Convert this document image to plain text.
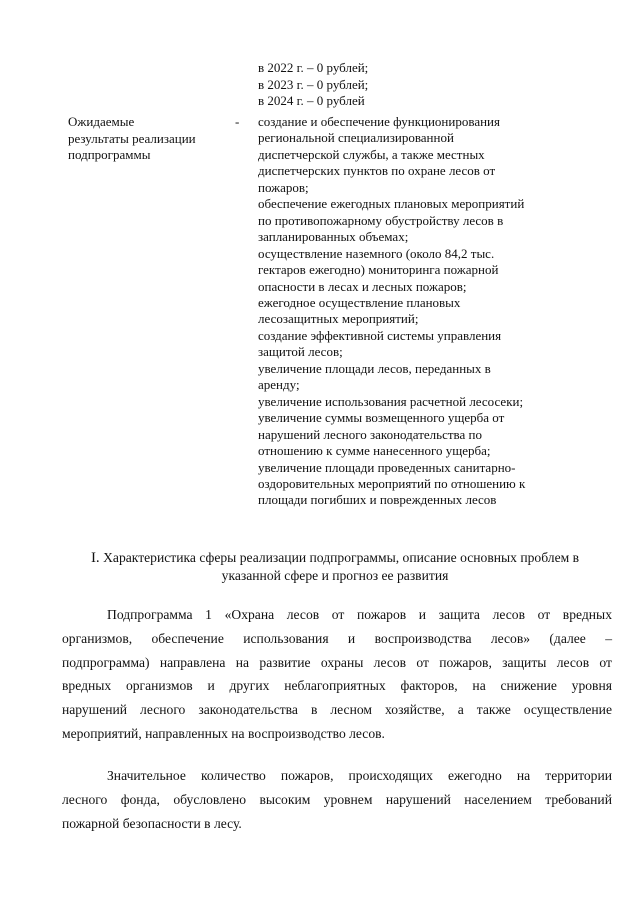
в 2022 г. – 0 рублей;
в 2023 г. – 0 рублей;
в 2024 г. – 0 рублей
Ожидаемые
результаты реализации
подпрограммы
- создание и обеспечение функционирования
региональной специализированной
диспетчерской службы, а также местных
диспетчерских пунктов по охране лесов от
пожаров;
обеспечение ежегодных плановых мероприятий
по противопожарному обустройству лесов в
запланированных объемах;
осуществление наземного (около 84,2 тыс.
гектаров ежегодно) мониторинга пожарной
опасности в лесах и лесных пожаров;
ежегодное осуществление плановых
лесозащитных мероприятий;
создание эффективной системы управления
защитой лесов;
увеличение площади лесов, переданных в
аренду;
увеличение использования расчетной лесосеки;
увеличение суммы возмещенного ущерба от
нарушений лесного законодательства по
отношению к сумме нанесенного ущерба;
увеличение площади проведенных санитарно-
оздоровительных мероприятий по отношению к
площади погибших и поврежденных лесов
I. Характеристика сферы реализации подпрограммы, описание основных проблем в
указанной сфере и прогноз ее развития
Подпрограмма 1 «Охрана лесов от пожаров и защита лесов от вредных
организмов, обеспечение использования и воспроизводства лесов» (далее –
подпрограмма) направлена на развитие охраны лесов от пожаров, защиты лесов от
вредных организмов и других неблагоприятных факторов, на снижение уровня
нарушений лесного законодательства в лесном хозяйстве, а также осуществление
мероприятий, направленных на воспроизводство лесов.
Значительное количество пожаров, происходящих ежегодно на территории
лесного фонда, обусловлено высоким уровнем нарушений населением требований
пожарной безопасности в лесу.
